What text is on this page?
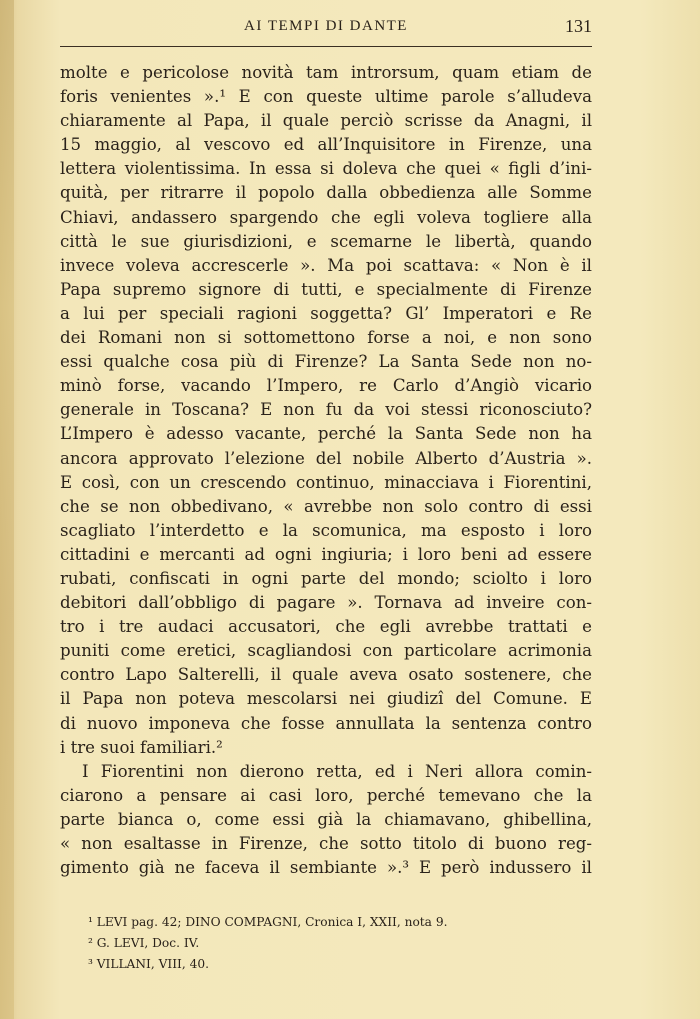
AI TEMPI DI DANTE	131
molte e pericolose novità tam introrsum, quam etiam de
foris venientes ».¹ E con queste ultime parole s’alludeva
chiaramente al Papa, il quale perciò scrisse da Anagni, il
15 maggio, al vescovo ed all’Inquisitore in Firenze, una
lettera violentissima. In essa si doleva che quei « figli d’ini-
quità, per ritrarre il popolo dalla obbedienza alle Somme
Chiavi, andassero spargendo che egli voleva togliere alla
città le sue giurisdizioni, e scemarne le libertà, quando
invece voleva accrescerle ». Ma poi scattava: « Non è il
Papa supremo signore di tutti, e specialmente di Firenze
a lui per speciali ragioni soggetta? Gl’ Imperatori e Re
dei Romani non si sottomettono forse a noi, e non sono
essi qualche cosa più di Firenze? La Santa Sede non no-
minò forse, vacando l’Impero, re Carlo d’Angiò vicario
generale in Toscana? E non fu da voi stessi riconosciuto?
L’Impero è adesso vacante, perché la Santa Sede non ha
ancora approvato l’elezione del nobile Alberto d’Austria ».
E così, con un crescendo continuo, minacciava i Fiorentini,
che se non obbedivano, « avrebbe non solo contro di essi
scagliato l’interdetto e la scomunica, ma esposto i loro
cittadini e mercanti ad ogni ingiuria; i loro beni ad essere
rubati, confiscati in ogni parte del mondo; sciolto i loro
debitori dall’obbligo di pagare ». Tornava ad inveire con-
tro i tre audaci accusatori, che egli avrebbe trattati e
puniti come eretici, scagliandosi con particolare acrimonia
contro Lapo Salterelli, il quale aveva osato sostenere, che
il Papa non poteva mescolarsi nei giudizî del Comune. E
di nuovo imponeva che fosse annullata la sentenza contro
i tre suoi familiari.²
I Fiorentini non dierono retta, ed i Neri allora comin-
ciarono a pensare ai casi loro, perché temevano che la
parte bianca o, come essi già la chiamavano, ghibellina,
« non esaltasse in Firenze, che sotto titolo di buono reg-
gimento già ne faceva il sembiante ».³ E però indussero il
¹ LEVI pag. 42; DINO COMPAGNI, Cronica I, XXII, nota 9.
² G. LEVI, Doc. IV.
³ VILLANI, VIII, 40.
